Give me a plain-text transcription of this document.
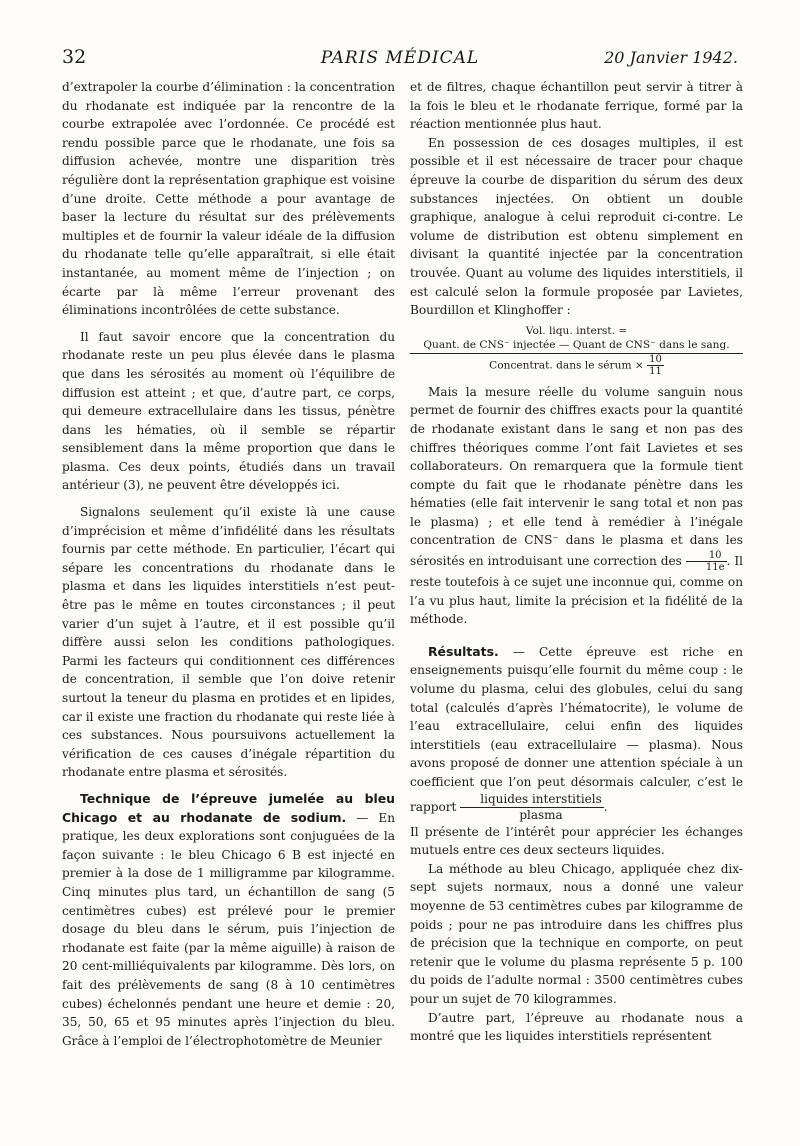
32	PARIS MÉDICAL	20 Janvier 1942.

d’extrapoler la courbe d’élimination : la concentration du rhodanate est indiquée par la rencontre de la courbe extrapolée avec l’ordonnée. Ce procédé est rendu possible parce que le rhodanate, une fois sa diffusion achevée, montre une disparition très régulière dont la représentation graphique est voisine d’une droite. Cette méthode a pour avantage de baser la lecture du résultat sur des prélèvements multiples et de fournir la valeur idéale de la diffusion du rhodanate telle qu’elle apparaîtrait, si elle était instantanée, au moment même de l’injection ; on écarte par là même l’erreur provenant des éliminations incontrôlées de cette substance.

Il faut savoir encore que la concentration du rhodanate reste un peu plus élevée dans le plasma que dans les sérosités au moment où l’équilibre de diffusion est atteint ; et que, d’autre part, ce corps, qui demeure extracellulaire dans les tissus, pénètre dans les hématies, où il semble se répartir sensiblement dans la même proportion que dans le plasma. Ces deux points, étudiés dans un travail antérieur (3), ne peuvent être développés ici.

Signalons seulement qu’il existe là une cause d’imprécision et même d’infidélité dans les résultats fournis par cette méthode. En particulier, l’écart qui sépare les concentrations du rhodanate dans le plasma et dans les liquides interstitiels n’est peut-être pas le même en toutes circonstances ; il peut varier d’un sujet à l’autre, et il est possible qu’il diffère aussi selon les conditions pathologiques. Parmi les facteurs qui conditionnent ces différences de concentration, il semble que l’on doive retenir surtout la teneur du plasma en protides et en lipides, car il existe une fraction du rhodanate qui reste liée à ces substances. Nous poursuivons actuellement la vérification de ces causes d’inégale répartition du rhodanate entre plasma et sérosités.

Technique de l’épreuve jumelée au bleu Chicago et au rhodanate de sodium. — En pratique, les deux explorations sont conjuguées de la façon suivante : le bleu Chicago 6 B est injecté en premier à la dose de 1 milligramme par kilogramme. Cinq minutes plus tard, un échantillon de sang (5 centimètres cubes) est prélevé pour le premier dosage du bleu dans le sérum, puis l’injection de rhodanate est faite (par la même aiguille) à raison de 20 cent-milliéquivalents par kilogramme. Dès lors, on fait des prélèvements de sang (8 à 10 centimètres cubes) échelonnés pendant une heure et demie : 20, 35, 50, 65 et 95 minutes après l’injection du bleu. Grâce à l’emploi de l’électrophotomètre de Meunier

et de filtres, chaque échantillon peut servir à titrer à la fois le bleu et le rhodanate ferrique, formé par la réaction mentionnée plus haut.

En possession de ces dosages multiples, il est possible et il est nécessaire de tracer pour chaque épreuve la courbe de disparition du sérum des deux substances injectées. On obtient un double graphique, analogue à celui reproduit ci-contre. Le volume de distribution est obtenu simplement en divisant la quantité injectée par la concentration trouvée. Quant au volume des liquides interstitiels, il est calculé selon la formule proposée par Lavietes, Bourdillon et Klinghoffer :

Vol. liqu. interst. =
Quant. de CNS⁻ injectée — Quant de CNS⁻ dans le sang.
Concentrat. dans le sérum × $\frac{10}{11}$

Mais la mesure réelle du volume sanguin nous permet de fournir des chiffres exacts pour la quantité de rhodanate existant dans le sang et non pas des chiffres théoriques comme l’ont fait Lavietes et ses collaborateurs. On remarquera que la formule tient compte du fait que le rhodanate pénètre dans les hématies (elle fait intervenir le sang total et non pas le plasma) ; et elle tend à remédier à l’inégale concentration de CNS⁻ dans le plasma et dans les sérosités en introduisant une correction des $\frac{10}{11e}$ . Il reste toutefois à ce sujet une inconnue qui, comme on l’a vu plus haut, limite la précision et la fidélité de la méthode.

Résultats. — Cette épreuve est riche en enseignements puisqu’elle fournit du même coup : le volume du plasma, celui des globules, celui du sang total (calculés d’après l’hématocrite), le volume de l’eau extracellulaire, celui enfin des liquides interstitiels (eau extracellulaire — plasma). Nous avons proposé de donner une attention spéciale à un coefficient que l’on peut désormais calculer, c’est le rapport
liquides interstitiels
plasma
.

Il présente de l’intérêt pour apprécier les échanges mutuels entre ces deux secteurs liquides.

La méthode au bleu Chicago, appliquée chez dix-sept sujets normaux, nous a donné une valeur moyenne de 53 centimètres cubes par kilogramme de poids ; pour ne pas introduire dans les chiffres plus de précision que la technique en comporte, on peut retenir que le volume du plasma représente 5 p. 100 du poids de l’adulte normal : 3500 centimètres cubes pour un sujet de 70 kilogrammes.

D’autre part, l’épreuve au rhodanate nous a montré que les liquides interstitiels représentent
